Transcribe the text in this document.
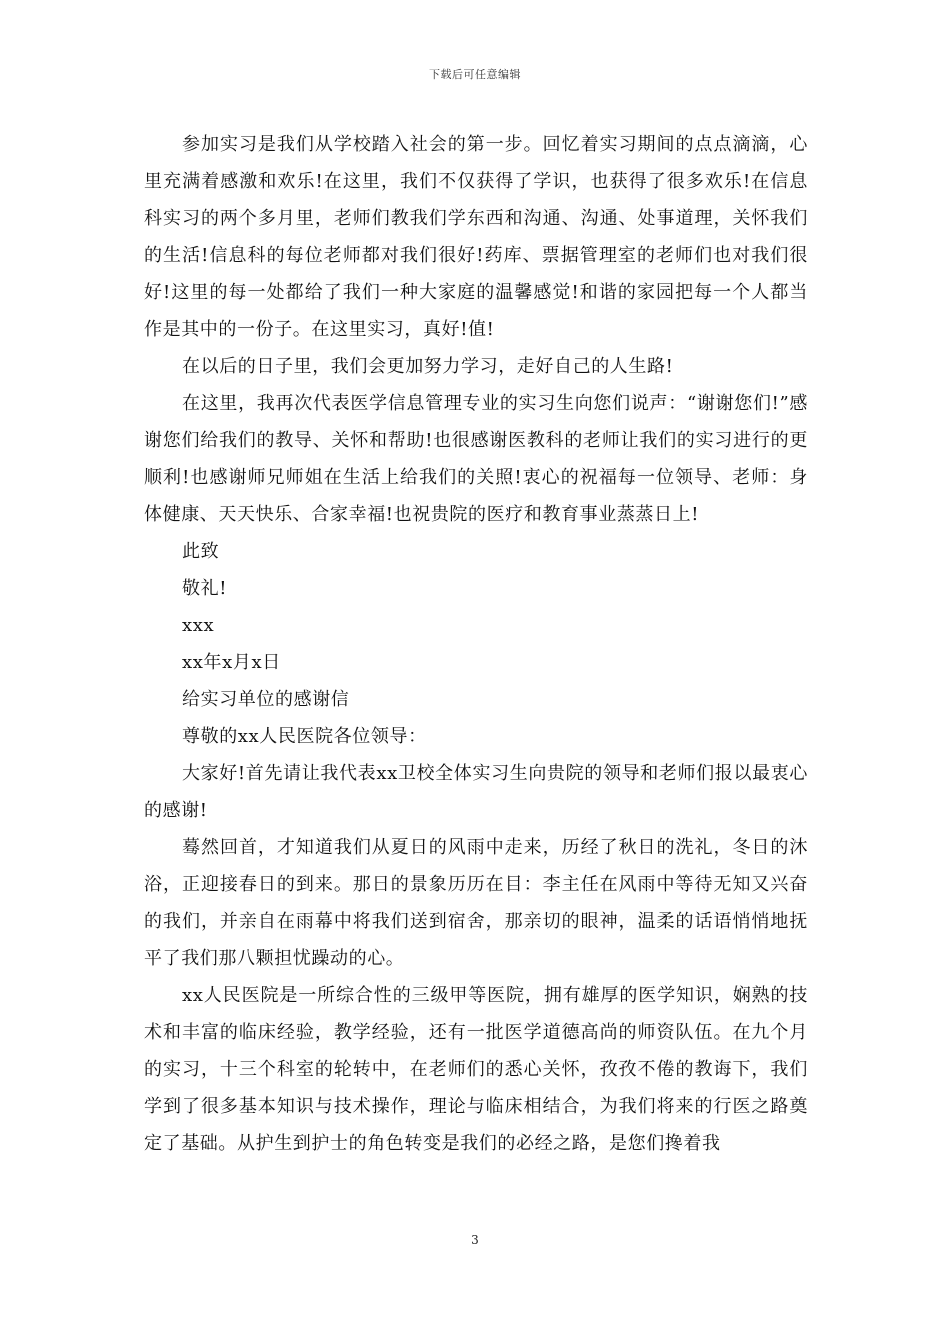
下载后可任意编辑

参加实习是我们从学校踏入社会的第一步。回忆着实习期间的点点滴滴，心里充满着感激和欢乐!在这里，我们不仅获得了学识，也获得了很多欢乐!在信息科实习的两个多月里，老师们教我们学东西和沟通、沟通、处事道理，关怀我们的生活!信息科的每位老师都对我们很好!药库、票据管理室的老师们也对我们很好!这里的每一处都给了我们一种大家庭的温馨感觉!和谐的家园把每一个人都当作是其中的一份子。在这里实习，真好!值!

在以后的日子里，我们会更加努力学习，走好自己的人生路!

在这里，我再次代表医学信息管理专业的实习生向您们说声：“谢谢您们!”感谢您们给我们的教导、关怀和帮助!也很感谢医教科的老师让我们的实习进行的更顺利!也感谢师兄师姐在生活上给我们的关照!衷心的祝福每一位领导、老师：身体健康、天天快乐、合家幸福!也祝贵院的医疗和教育事业蒸蒸日上!

此致

敬礼!

xxx

xx年x月x日

给实习单位的感谢信

尊敬的xx人民医院各位领导：

大家好!首先请让我代表xx卫校全体实习生向贵院的领导和老师们报以最衷心的感谢!

蓦然回首，才知道我们从夏日的风雨中走来，历经了秋日的洗礼，冬日的沐浴，正迎接春日的到来。那日的景象历历在目：李主任在风雨中等待无知又兴奋的我们，并亲自在雨幕中将我们送到宿舍，那亲切的眼神，温柔的话语悄悄地抚平了我们那八颗担忧躁动的心。

xx人民医院是一所综合性的三级甲等医院，拥有雄厚的医学知识，娴熟的技术和丰富的临床经验，教学经验，还有一批医学道德高尚的师资队伍。在九个月的实习，十三个科室的轮转中，在老师们的悉心关怀，孜孜不倦的教诲下，我们学到了很多基本知识与技术操作，理论与临床相结合，为我们将来的行医之路奠定了基础。从护生到护士的角色转变是我们的必经之路，是您们搀着我

3
